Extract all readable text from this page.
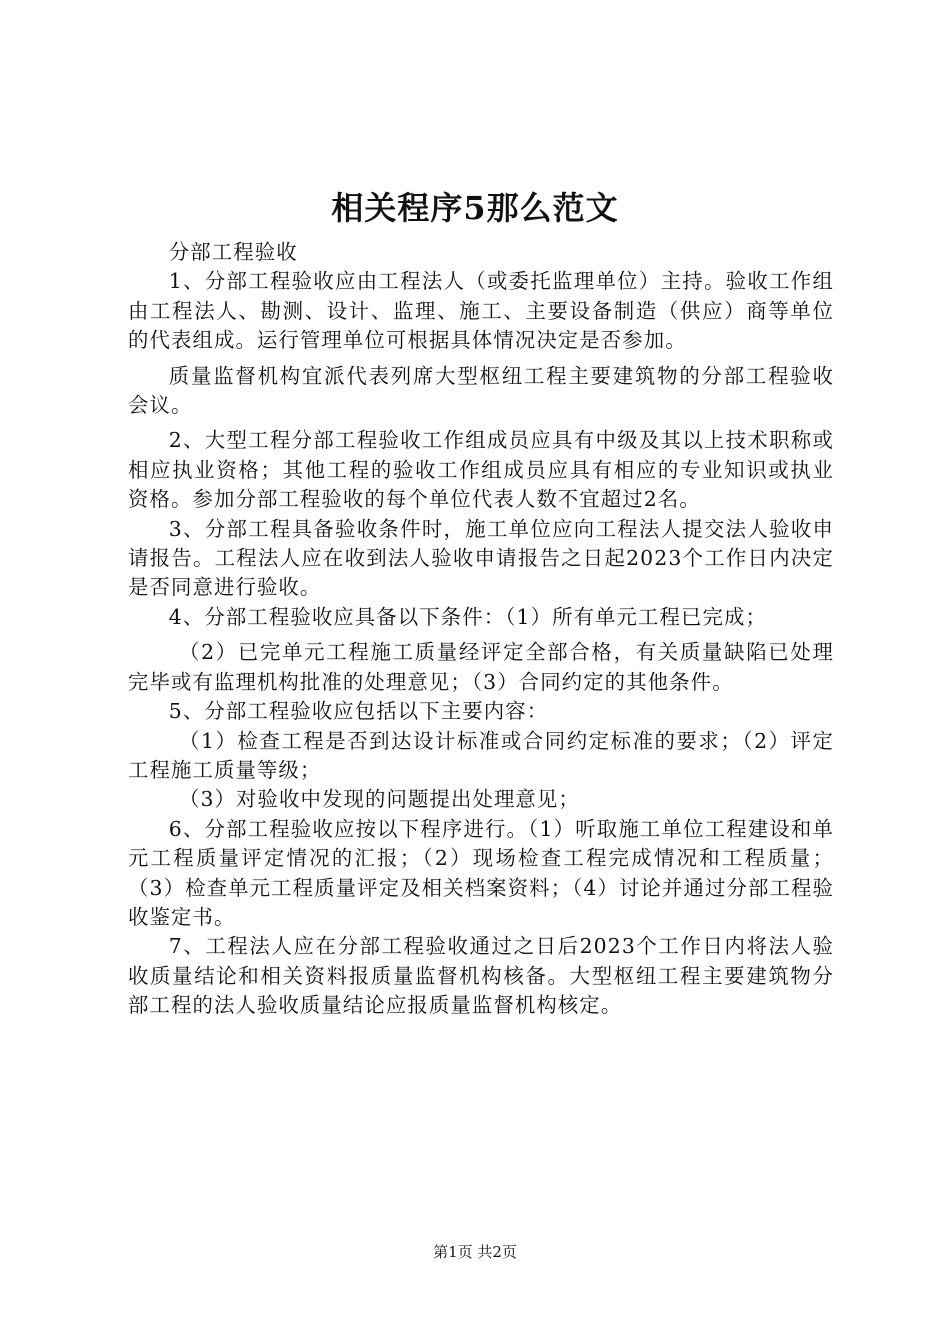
相关程序5那么范文

分部工程验收

1、分部工程验收应由工程法人（或委托监理单位）主持。验收工作组由工程法人、勘测、设计、监理、施工、主要设备制造（供应）商等单位的代表组成。运行管理单位可根据具体情况决定是否参加。

质量监督机构宜派代表列席大型枢纽工程主要建筑物的分部工程验收会议。

2、大型工程分部工程验收工作组成员应具有中级及其以上技术职称或相应执业资格；其他工程的验收工作组成员应具有相应的专业知识或执业资格。参加分部工程验收的每个单位代表人数不宜超过2名。

3、分部工程具备验收条件时，施工单位应向工程法人提交法人验收申请报告。工程法人应在收到法人验收申请报告之日起2023个工作日内决定是否同意进行验收。

4、分部工程验收应具备以下条件：（1）所有单元工程已完成；

（2）已完单元工程施工质量经评定全部合格，有关质量缺陷已处理完毕或有监理机构批准的处理意见；（3）合同约定的其他条件。

5、分部工程验收应包括以下主要内容：

（1）检查工程是否到达设计标准或合同约定标准的要求；（2）评定工程施工质量等级；

（3）对验收中发现的问题提出处理意见；

6、分部工程验收应按以下程序进行。（1）听取施工单位工程建设和单元工程质量评定情况的汇报；（2）现场检查工程完成情况和工程质量；（3）检查单元工程质量评定及相关档案资料；（4）讨论并通过分部工程验收鉴定书。

7、工程法人应在分部工程验收通过之日后2023个工作日内将法人验收质量结论和相关资料报质量监督机构核备。大型枢纽工程主要建筑物分部工程的法人验收质量结论应报质量监督机构核定。

第1页 共2页
